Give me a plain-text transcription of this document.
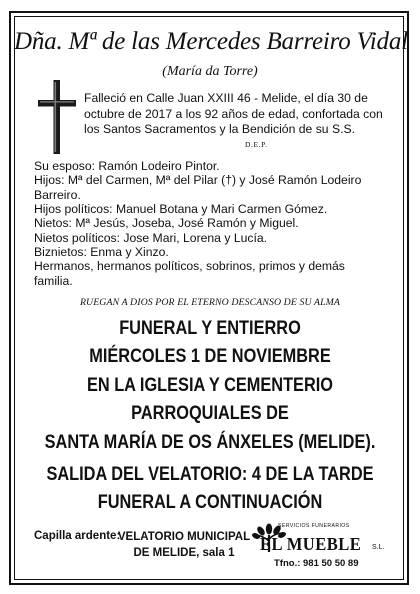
Dña. Mª de las Mercedes Barreiro Vidal
(María da Torre)
Falleció en Calle Juan XXIII 46 - Melide, el día 30 de octubre de 2017 a los 92 años de edad, confortada con los Santos Sacramentos y la Bendición de su S.S.
D.E.P.
Su esposo: Ramón Lodeiro Pintor.
Hijos: Mª del Carmen, Mª del Pilar (†) y José Ramón Lodeiro Barreiro.
Hijos políticos: Manuel Botana y Mari Carmen Gómez.
Nietos: Mª Jesús, Joseba, José Ramón y Miguel.
Nietos políticos: Jose Mari, Lorena y Lucía.
Biznietos: Enma y Xinzo.
Hermanos, hermanos políticos, sobrinos, primos y demás familia.
RUEGAN A DIOS POR EL ETERNO DESCANSO DE SU ALMA
FUNERAL Y ENTIERRO
MIÉRCOLES 1 DE NOVIEMBRE
EN LA IGLESIA Y CEMENTERIO
PARROQUIALES DE
SANTA MARÍA DE OS ÁNXELES (MELIDE).
SALIDA DEL VELATORIO: 4 DE LA TARDE
FUNERAL A CONTINUACIÓN
Capilla ardente:
VELATORIO MUNICIPAL
DE MELIDE, sala 1
SERVICIOS FUNERARIOS
EL MUEBLE S.L.
Tfno.: 981 50 50 89
